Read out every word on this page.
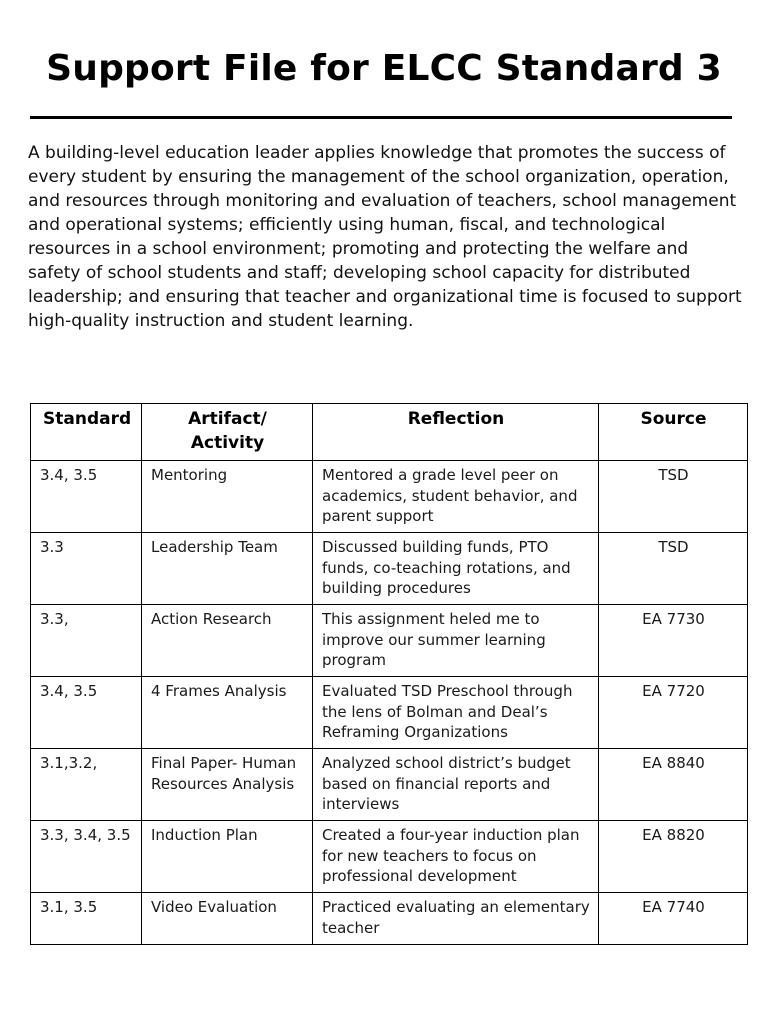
Support File for ELCC Standard 3

A building-level education leader applies knowledge that promotes the success of every student by ensuring the management of the school organization, operation, and resources through monitoring and evaluation of teachers, school management and operational systems; efficiently using human, fiscal, and technological resources in a school environment; promoting and protecting the welfare and safety of school students and staff; developing school capacity for distributed leadership; and ensuring that teacher and organizational time is focused to support high-quality instruction and student learning.

Standard	Artifact/ Activity	Reflection	Source
3.4, 3.5	Mentoring	Mentored a grade level peer on academics, student behavior, and parent support	TSD
3.3	Leadership Team	Discussed building funds, PTO funds, co-teaching rotations, and building procedures	TSD
3.3,	Action Research	This assignment heled me to improve our summer learning program	EA 7730
3.4, 3.5	4 Frames Analysis	Evaluated TSD Preschool through the lens of Bolman and Deal’s Reframing Organizations	EA 7720
3.1,3.2,	Final Paper- Human Resources Analysis	Analyzed school district’s budget based on financial reports and interviews	EA 8840
3.3, 3.4, 3.5	Induction Plan	Created a four-year induction plan for new teachers to focus on professional development	EA 8820
3.1, 3.5	Video Evaluation	Practiced evaluating an elementary teacher	EA 7740
